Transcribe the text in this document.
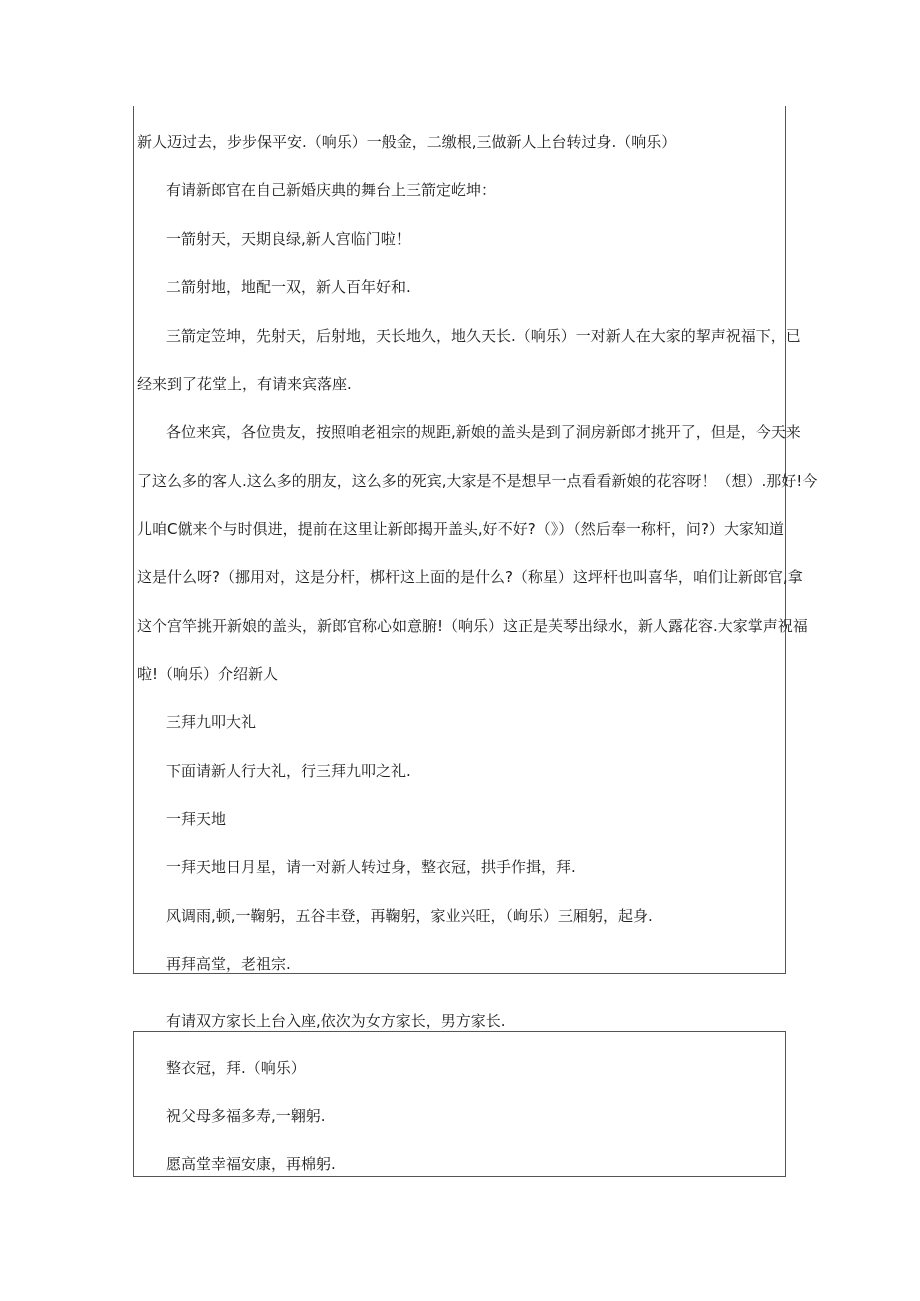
新人迈过去，步步保平安.（响乐）一般金，二缴根,三做新人上台转过身.（响乐）
有请新郎官在自己新婚庆典的舞台上三箭定屹坤：
一箭射天，天期良绿,新人宫临门啦！
二箭射地，地配一双，新人百年好和.
三箭定笠坤，先射天，后射地，天长地久，地久天长.（响乐）一对新人在大家的挈声祝福下，已
经来到了花堂上，有请来宾落座.
各位来宾，各位贵友，按照咱老祖宗的规距,新娘的盖头是到了洞房新郎才挑开了，但是，今天来
了这么多的客人.这么多的朋友，这么多的死宾,大家是不是想早一点看看新娘的花容呀！（想）.那好!今
儿咱C僦来个与时俱进，提前在这里让新郎揭开盖头,好不好?（》）（然后奉一称杆，问?）大家知道
这是什么呀?（挪用对，这是分杆，梆杆这上面的是什么?（称星）这坪杆也叫喜华，咱们让新郎官,拿
这个宫竿挑开新娘的盖头，新郎官称心如意腑!（响乐）这正是芙琴出绿水，新人露花容.大家掌声祝福
啦!（响乐）介绍新人
三拜九叩大礼
下面请新人行大礼，行三拜九叩之礼.
一拜天地
一拜天地日月星，请一对新人转过身，整衣冠，拱手作揖，拜.
风调雨,顿,一鞠躬，五谷丰登，再鞠躬，家业兴旺，（峋乐）三厢躬，起身.
再拜高堂，老祖宗.
有请双方家长上台入座,依次为女方家长，男方家长.
整衣冠，拜.（响乐）
祝父母多福多寿,一翱躬.
愿高堂幸福安康，再棉躬.
